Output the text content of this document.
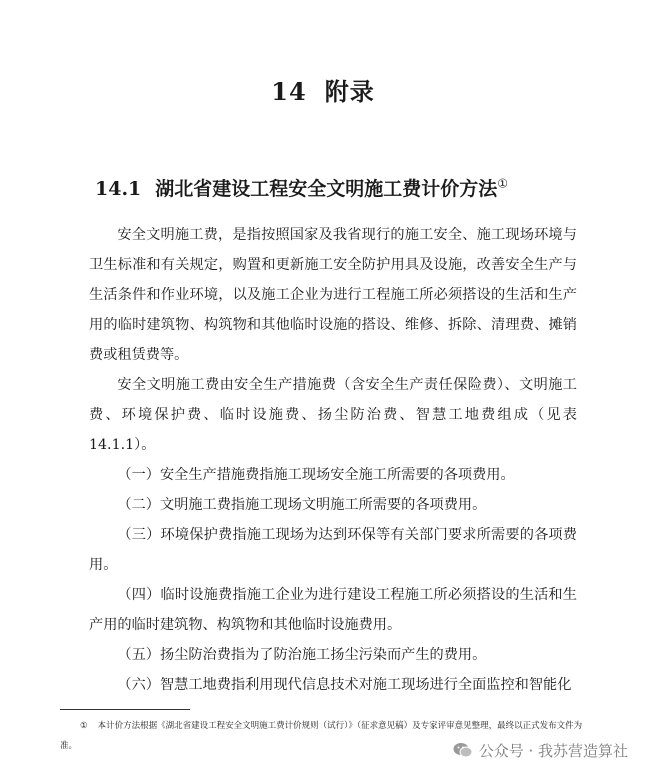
14 附录
14.1 湖北省建设工程安全文明施工费计价方法①

安全文明施工费，是指按照国家及我省现行的施工安全、施工现场环境与卫生标准和有关规定，购置和更新施工安全防护用具及设施，改善安全生产与生活条件和作业环境，以及施工企业为进行工程施工所必须搭设的生活和生产用的临时建筑物、构筑物和其他临时设施的搭设、维修、拆除、清理费、摊销费或租赁费等。

安全文明施工费由安全生产措施费（含安全生产责任保险费）、文明施工费、环境保护费、临时设施费、扬尘防治费、智慧工地费组成（见表14.1.1）。

（一）安全生产措施费指施工现场安全施工所需要的各项费用。

（二）文明施工费指施工现场文明施工所需要的各项费用。

（三）环境保护费指施工现场为达到环保等有关部门要求所需要的各项费用。

（四）临时设施费指施工企业为进行建设工程施工所必须搭设的生活和生产用的临时建筑物、构筑物和其他临时设施费用。

（五）扬尘防治费指为了防治施工扬尘污染而产生的费用。

（六）智慧工地费指利用现代信息技术对施工现场进行全面监控和智能化

① 本计价方法根据《湖北省建设工程安全文明施工费计价规则（试行）》（征求意见稿）及专家评审意见整理，最终以正式发布文件为准。	公众号 · 我苏营造算社
